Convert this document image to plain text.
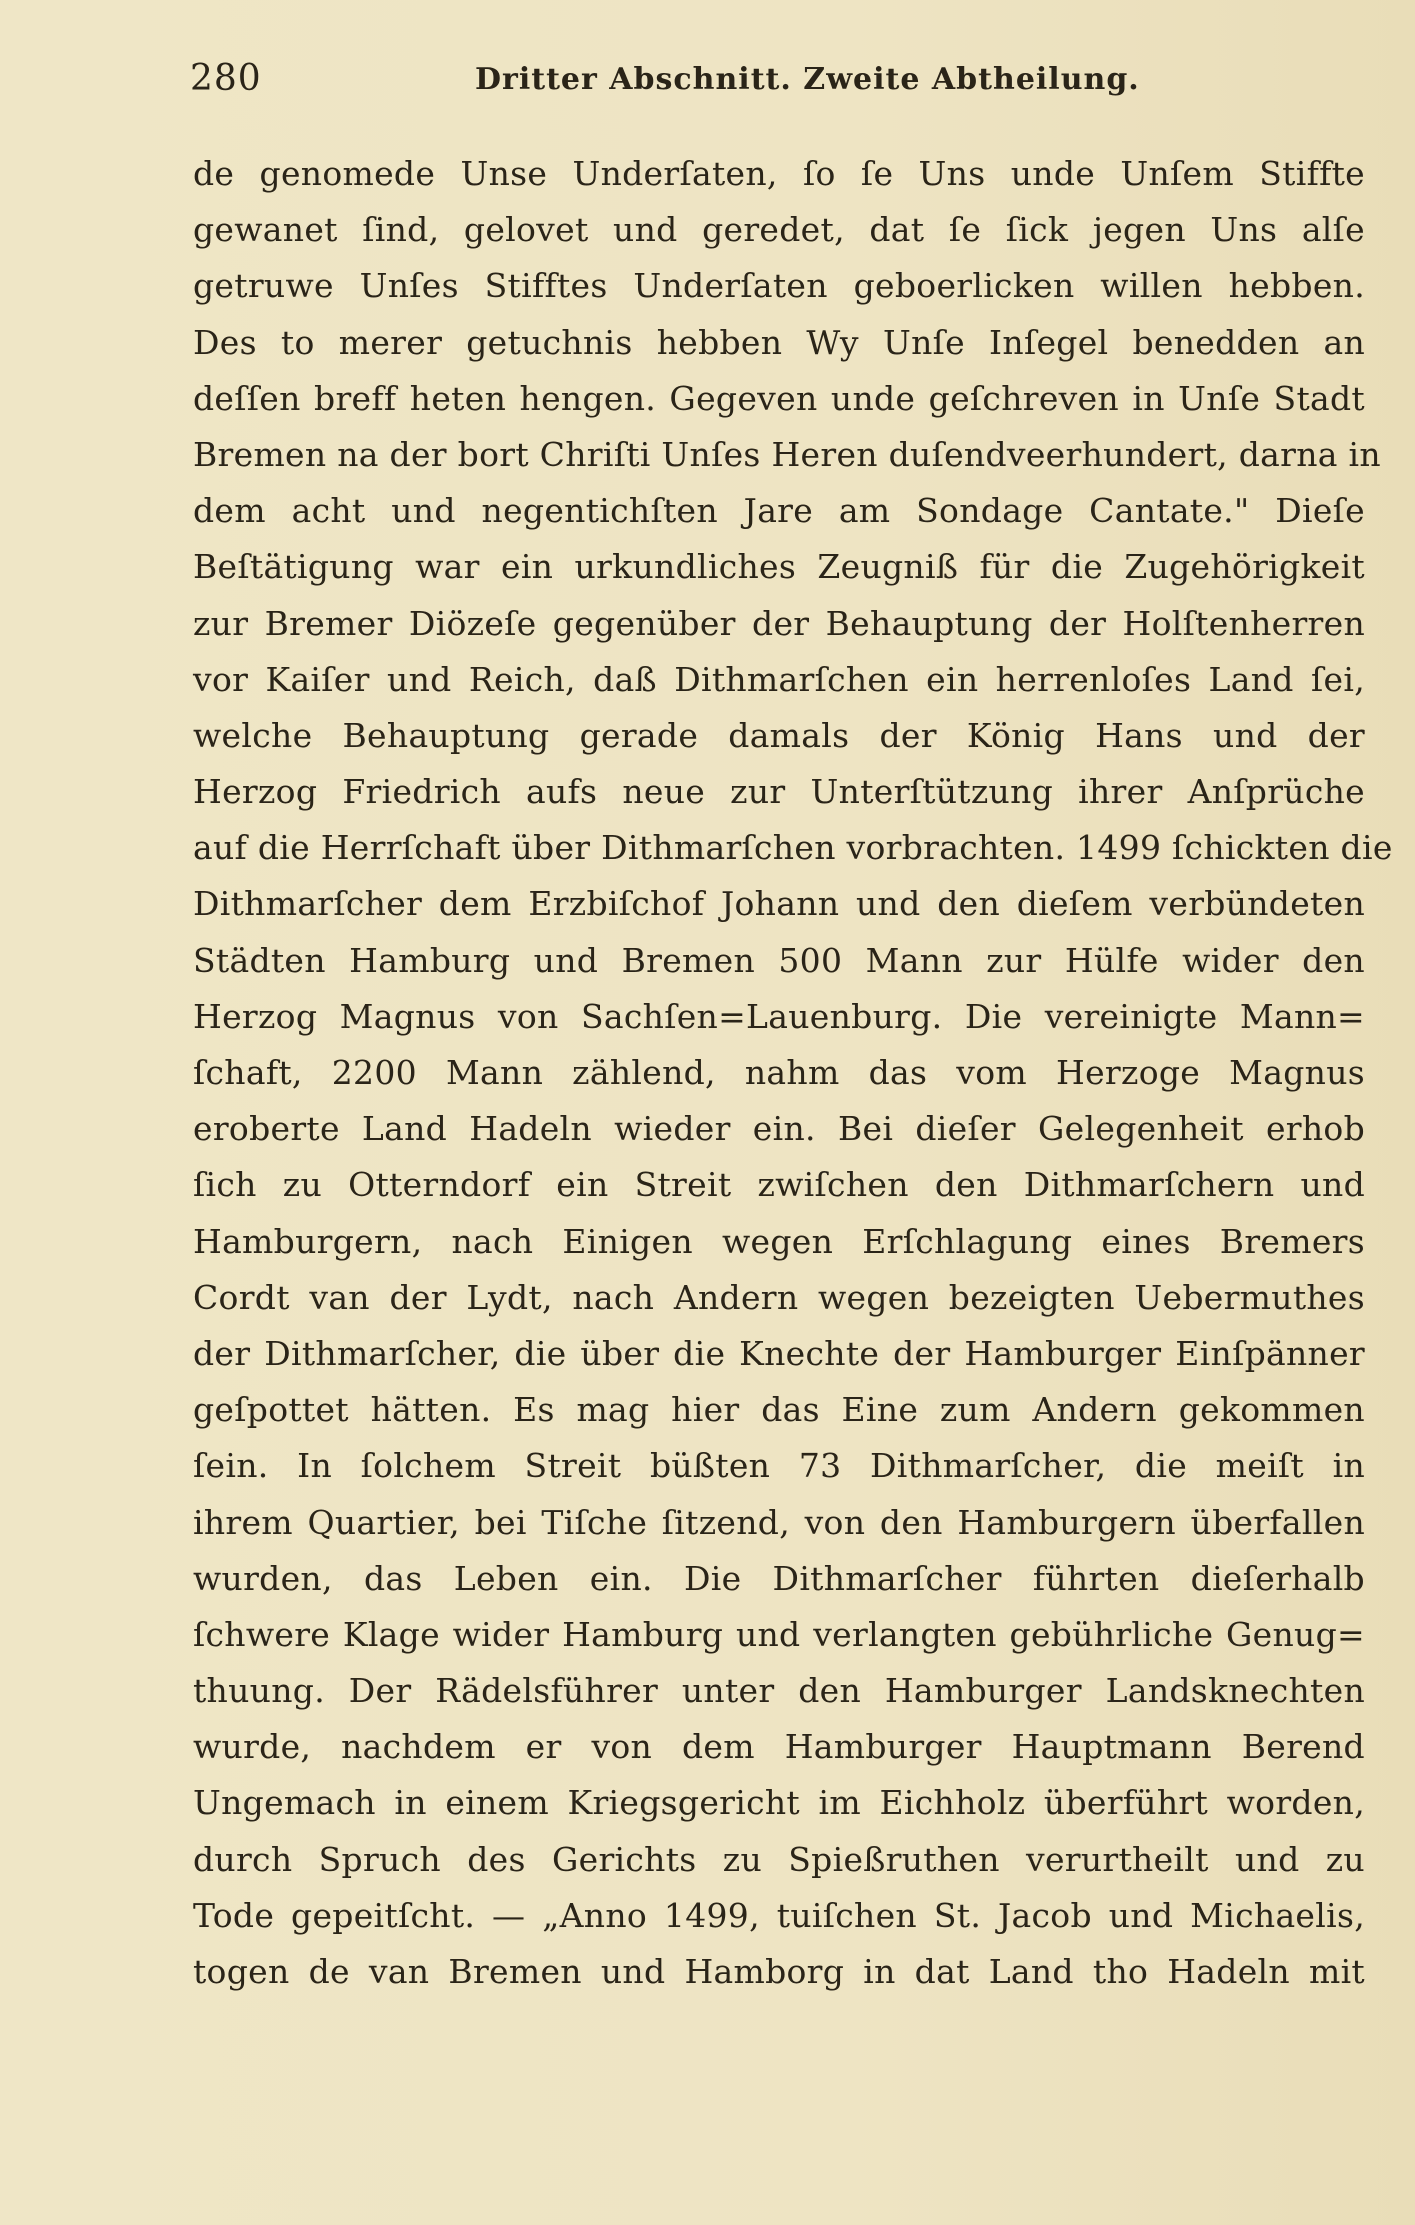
280	Dritter Abschnitt. Zweite Abtheilung.
de genomede Unse Underſaten, ſo ſe Uns unde Unſem Stiffte
gewanet ſind, gelovet und geredet, dat ſe ſick jegen Uns alſe
getruwe Unſes Stifftes Underſaten geboerlicken willen hebben.
Des to merer getuchnis hebben Wy Unſe Inſegel benedden an
deſſen breff heten hengen. Gegeven unde geſchreven in Unſe Stadt
Bremen na der bort Chriſti Unſes Heren duſendveerhundert, darna in
dem acht und negentichſten Jare am Sondage Cantate." Dieſe
Beſtätigung war ein urkundliches Zeugniß für die Zugehörigkeit
zur Bremer Diözeſe gegenüber der Behauptung der Holſtenherren
vor Kaiſer und Reich, daß Dithmarſchen ein herrenloſes Land ſei,
welche Behauptung gerade damals der König Hans und der
Herzog Friedrich aufs neue zur Unterſtützung ihrer Anſprüche
auf die Herrſchaft über Dithmarſchen vorbrachten. 1499 ſchickten die
Dithmarſcher dem Erzbiſchof Johann und den dieſem verbündeten
Städten Hamburg und Bremen 500 Mann zur Hülfe wider den
Herzog Magnus von Sachſen=Lauenburg. Die vereinigte Mann=
ſchaft, 2200 Mann zählend, nahm das vom Herzoge Magnus
eroberte Land Hadeln wieder ein. Bei dieſer Gelegenheit erhob
ſich zu Otterndorf ein Streit zwiſchen den Dithmarſchern und
Hamburgern, nach Einigen wegen Erſchlagung eines Bremers
Cordt van der Lydt, nach Andern wegen bezeigten Uebermuthes
der Dithmarſcher, die über die Knechte der Hamburger Einſpänner
geſpottet hätten. Es mag hier das Eine zum Andern gekommen
ſein. In ſolchem Streit büßten 73 Dithmarſcher, die meiſt in
ihrem Quartier, bei Tiſche ſitzend, von den Hamburgern überfallen
wurden, das Leben ein. Die Dithmarſcher führten dieſerhalb
ſchwere Klage wider Hamburg und verlangten gebührliche Genug=
thuung. Der Rädelsführer unter den Hamburger Landsknechten
wurde, nachdem er von dem Hamburger Hauptmann Berend
Ungemach in einem Kriegsgericht im Eichholz überführt worden,
durch Spruch des Gerichts zu Spießruthen verurtheilt und zu
Tode gepeitſcht. — „Anno 1499, tuiſchen St. Jacob und Michaelis,
togen de van Bremen und Hamborg in dat Land tho Hadeln mit
